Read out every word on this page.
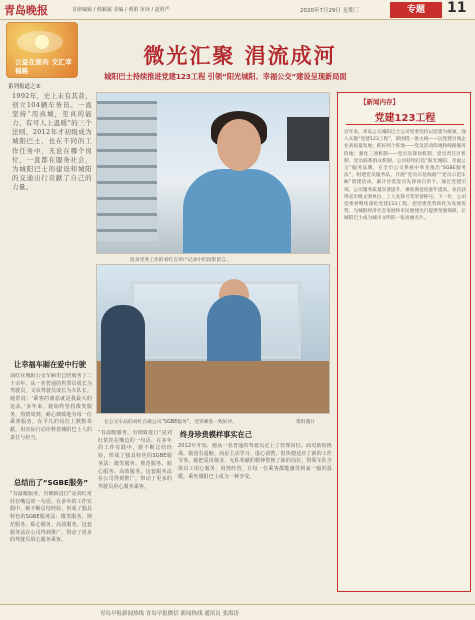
青岛晚报	首席编辑 / 韩颖斌 美编 / 黄娟 审读 / 赵胜严	2020年7月29日 星期三	专题	11
公益在面向 交汇幸福路
系列报道之③
微光汇聚 涓流成河
城阳巴士持续推进党建123工程 引领“阳光城阳、幸福公交”建设呈现新局面

1992年，史上未有其昔，创立104辆车务员。一直坚持“用真城，至真的能力，有可人上温暖”的三个法则，2012年才初级成为城阳巴士，也在不同的工作任务中，无论在哪个岗位，一直都在服务社会，为城阳巴士的建设和城阳的交通出行贡献了自己的力量。

投身党务工作的刘红在用户记录中的留影留言。
在公交车站的刘红在做公司“SGBE服务”，受到乘客一致好评。	资料图片
让幸福车厢在爱中行驶
刘红在城阳公交车厢里已经服务了二十余年，从一名普通的售票员成长为驾驶员，又从驾驶员成长为车队长。她常说：‘乘客的满意就是我最大的追求。’多年来，她始终坚持微笑服务，热情周到，耐心细致地为每一位乘客服务，在平凡的岗位上默默奉献，用实际行动诠释着城阳巴士人的责任与担当。
总结出了“SGBE服务”
“有温暖服务，有细致进行”是刘红常挂在嘴边的一句话。在多年的工作实践中，她不断总结经验，形成了独具特色的SGBE服务法：微笑服务、规范服务、贴心服务、高效服务。这套服务法在公司得到推广，带动了更多的驾驶员用心服务乘客。
“有温暖服务，有细致进行”是刘红常挂在嘴边的一句话。在多年的工作实践中，她不断总结经验，形成了独具特色的SGBE服务法：微笑服务、规范服务、贴心服务、高效服务。这套服务法在公司得到推广，带动了更多的驾驶员用心服务乘客。
终身珍贵模样事实在己
2012年开始，她从一名普通的驾驶员走上了管理岗位。面对新的挑战，她没有退缩，而是主动学习、虚心请教，很快便适应了新的工作节奏。她把爱岗敬业、无私奉献的精神带到了新的岗位，带领车队全体员工用心服务，用情经营，让每一位乘客都能感受到家一般的温暖，乘坐城阳巴士成为一种享受。
【新闻内存】
党建123工程
近年来，青岛公交城阳巴士公司党委坚持以党建为统领，深入实施“党建123工程”，即围绕一条主线——以党建引领企业高质量发展；抓好两个阵地——党员活动阵地和线路服务阵地；强化三项机制——党员先锋岗机制、党员责任区机制、党员联系群众机制。公司持续打造“阳光城阳、幸福公交”服务品牌，在全市公交系统中率先推出“SGBE服务法”，组建党员服务队，开展“党员示范线路”“党员示范车厢”创建活动，累计评选党员先锋岗百余个。通过党建引领，公司服务质量显著提升，乘客满意度逐年提高，多次获得省市级文明单位、工人先锋号等荣誉称号。下一步，公司党委将继续深化党建123工程，把党建优势转化为发展优势，为城阳经济社会发展和市民便捷出行提供坚强保障，让城阳巴士成为城市文明的一张亮丽名片。
青岛早报新闻热线 青岛早报微信 新闻热线 通讯员 张海涛
